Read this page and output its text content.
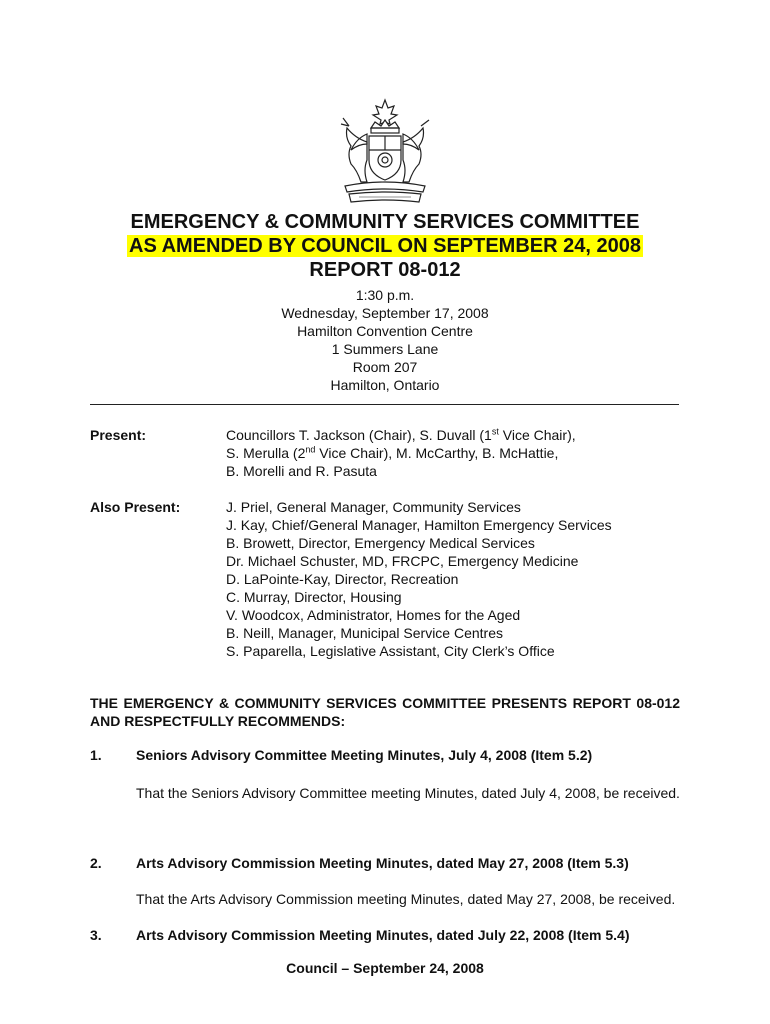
EMERGENCY & COMMUNITY SERVICES COMMITTEE
AS AMENDED BY COUNCIL ON SEPTEMBER 24, 2008
REPORT 08-012
1:30 p.m.
Wednesday, September 17, 2008
Hamilton Convention Centre
1 Summers Lane
Room 207
Hamilton, Ontario
Present:	Councillors T. Jackson (Chair), S. Duvall (1st Vice Chair),
S. Merulla (2nd Vice Chair), M. McCarthy, B. McHattie,
B. Morelli and R. Pasuta
Also Present:	J. Priel, General Manager, Community Services
J. Kay, Chief/General Manager, Hamilton Emergency Services
B. Browett, Director, Emergency Medical Services
Dr. Michael Schuster, MD, FRCPC, Emergency Medicine
D. LaPointe-Kay, Director, Recreation
C. Murray, Director, Housing
V. Woodcox, Administrator, Homes for the Aged
B. Neill, Manager, Municipal Service Centres
S. Paparella, Legislative Assistant, City Clerk’s Office
THE EMERGENCY & COMMUNITY SERVICES COMMITTEE PRESENTS REPORT 08-012 AND RESPECTFULLY RECOMMENDS:
1. Seniors Advisory Committee Meeting Minutes, July 4, 2008 (Item 5.2)
That the Seniors Advisory Committee meeting Minutes, dated July 4, 2008, be received.
2. Arts Advisory Commission Meeting Minutes, dated May 27, 2008 (Item 5.3)
That the Arts Advisory Commission meeting Minutes, dated May 27, 2008, be received.
3. Arts Advisory Commission Meeting Minutes, dated July 22, 2008 (Item 5.4)
Council – September 24, 2008
